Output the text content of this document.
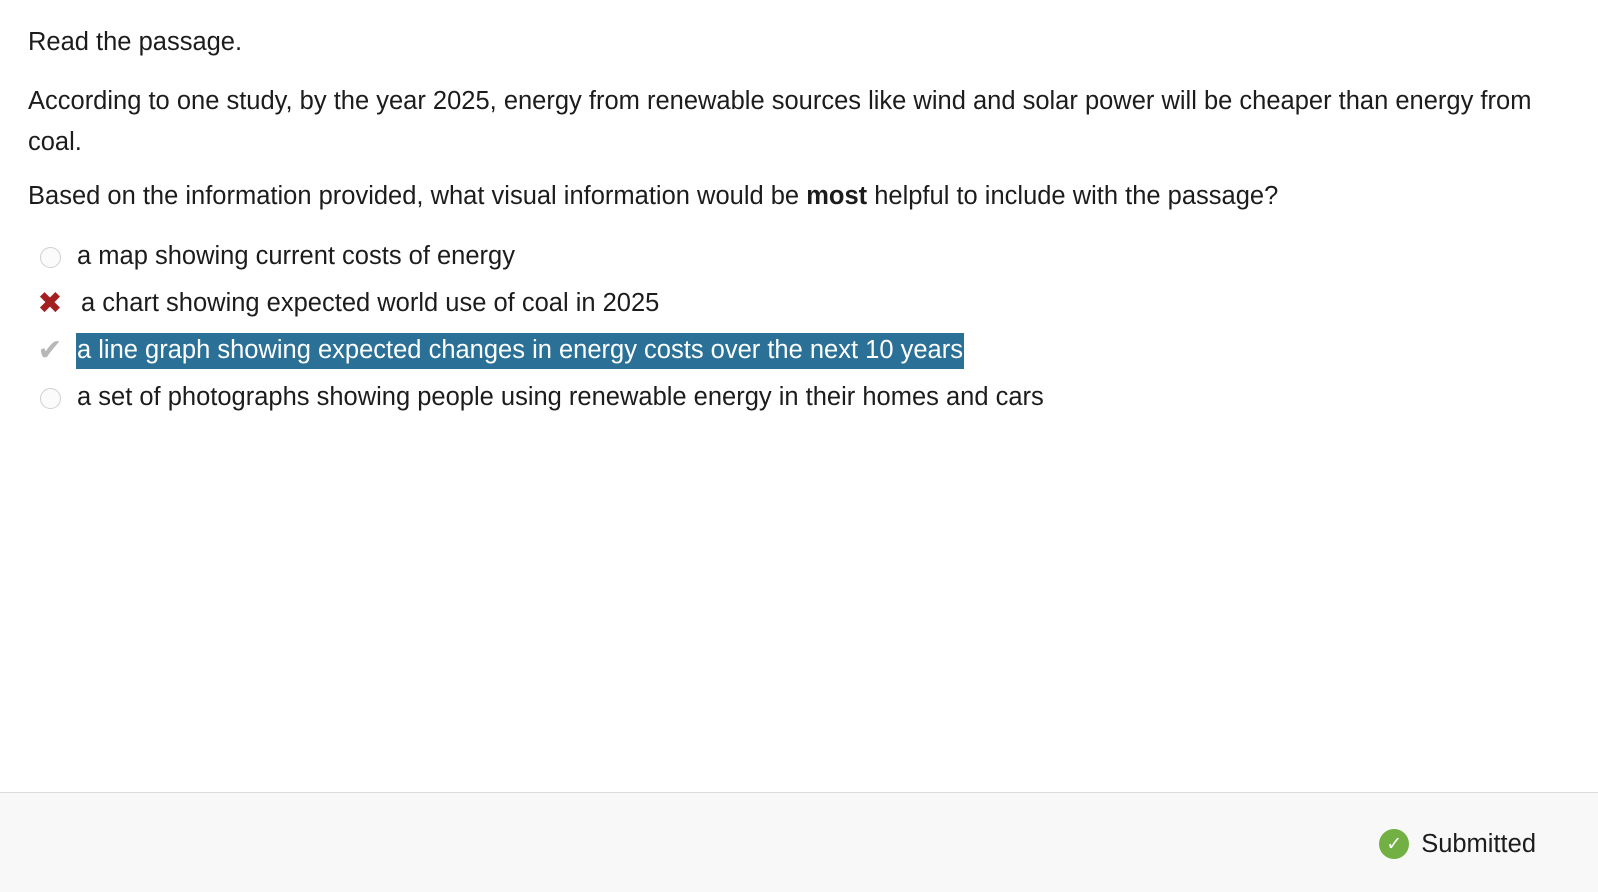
Read the passage.

According to one study, by the year 2025, energy from renewable sources like wind and solar power will be cheaper than energy from coal.

Based on the information provided, what visual information would be most helpful to include with the passage?

a map showing current costs of energy
✖ a chart showing expected world use of coal in 2025
✔ a line graph showing expected changes in energy costs over the next 10 years
a set of photographs showing people using renewable energy in their homes and cars
✓ Submitted
